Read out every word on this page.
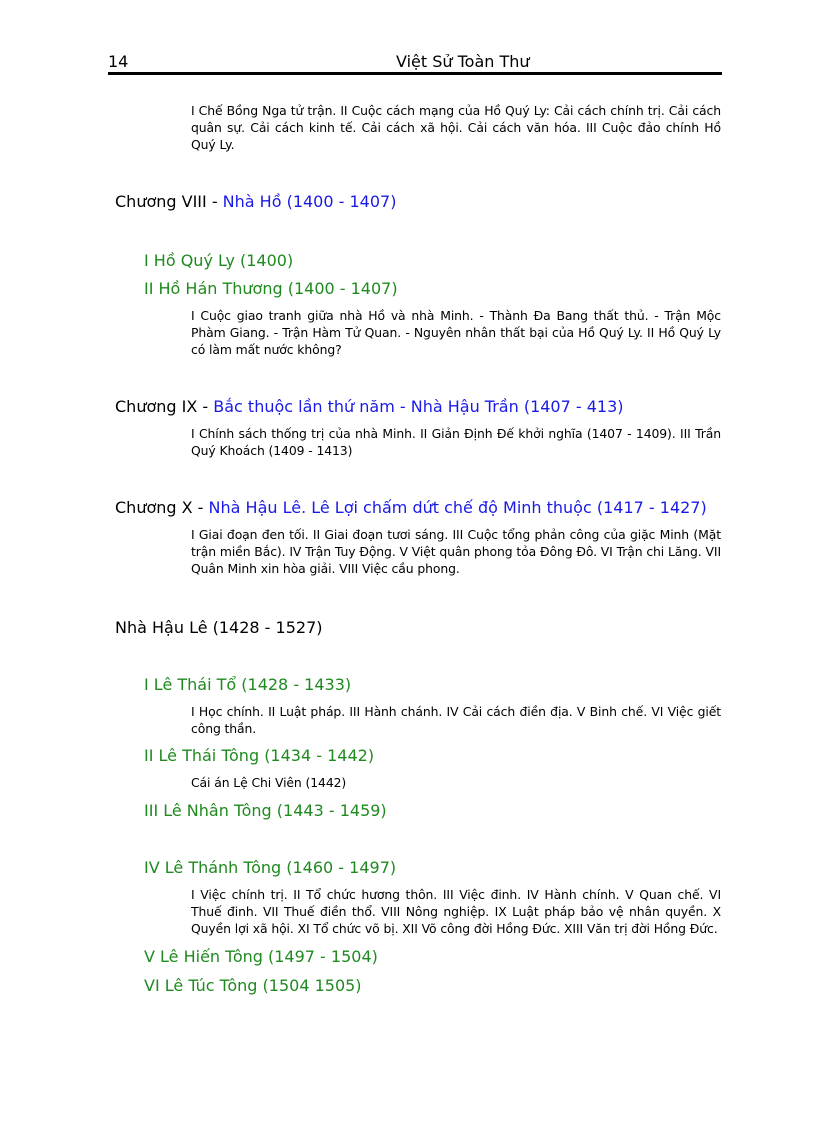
14	Việt Sử Toàn Thư
I Chế Bồng Nga tử trận. II Cuộc cách mạng của Hồ Quý Ly: Cải cách chính trị. Cải cách quân sự. Cải cách kinh tế. Cải cách xã hội. Cải cách văn hóa. III Cuộc đảo chính Hồ Quý Ly.
Chương VIII - Nhà Hồ (1400 - 1407)
I Hồ Quý Ly (1400)
II Hồ Hán Thương (1400 - 1407)
I Cuộc giao tranh giữa nhà Hồ và nhà Minh. - Thành Đa Bang thất thủ. - Trận Mộc Phàm Giang. - Trận Hàm Tử Quan. - Nguyên nhân thất bại của Hồ Quý Ly. II Hồ Quý Ly có làm mất nước không?
Chương IX - Bắc thuộc lần thứ năm - Nhà Hậu Trần (1407 - 413)
I Chính sách thống trị của nhà Minh. II Giản Định Đế khởi nghĩa (1407 - 1409). III Trần Quý Khoách (1409 - 1413)
Chương X - Nhà Hậu Lê. Lê Lợi chấm dứt chế độ Minh thuộc (1417 - 1427)
I Giai đoạn đen tối. II Giai đoạn tươi sáng. III Cuộc tổng phản công của giặc Minh (Mặt trận miền Bắc). IV Trận Tuy Động. V Việt quân phong tỏa Đông Đô. VI Trận chi Lăng. VII Quân Minh xin hòa giải. VIII Việc cầu phong.
Nhà Hậu Lê (1428 - 1527)
I Lê Thái Tổ (1428 - 1433)
I Học chính. II Luật pháp. III Hành chánh. IV Cải cách điền địa. V Binh chế. VI Việc giết công thần.
II Lê Thái Tông (1434 - 1442)
Cái án Lệ Chi Viên (1442)
III Lê Nhân Tông (1443 - 1459)
IV Lê Thánh Tông (1460 - 1497)
I Việc chính trị. II Tổ chức hương thôn. III Việc đinh. IV Hành chính. V Quan chế. VI Thuế đinh. VII Thuế điền thổ. VIII Nông nghiệp. IX Luật pháp bảo vệ nhân quyền. X Quyền lợi xã hội. XI Tổ chức võ bị. XII Võ công đời Hồng Đức. XIII Văn trị đời Hồng Đức.
V Lê Hiến Tông (1497 - 1504)
VI Lê Túc Tông (1504 1505)
